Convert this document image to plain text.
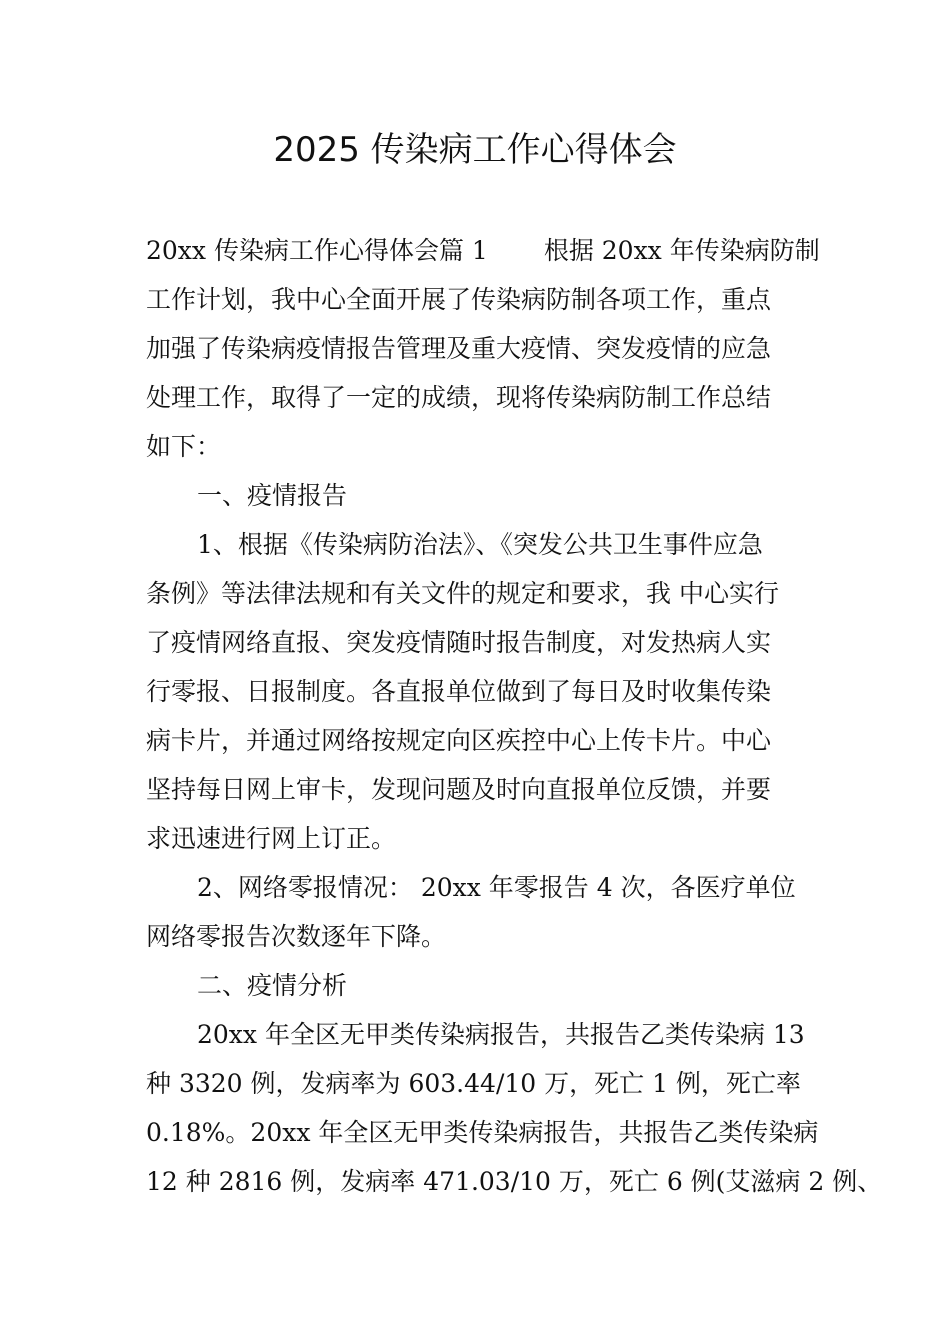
2025 传染病工作心得体会
20xx 传染病工作心得体会篇 1 根据 20xx 年传染病防制
工作计划，我中心全面开展了传染病防制各项工作，重点
加强了传染病疫情报告管理及重大疫情、突发疫情的应急
处理工作，取得了一定的成绩，现将传染病防制工作总结
如下：
一、疫情报告
1、根据《传染病防治法》、《突发公共卫生事件应急
条例》等法律法规和有关文件的规定和要求，我 中心实行
了疫情网络直报、突发疫情随时报告制度，对发热病人实
行零报、日报制度。各直报单位做到了每日及时收集传染
病卡片，并通过网络按规定向区疾控中心上传卡片。中心
坚持每日网上审卡，发现问题及时向直报单位反馈，并要
求迅速进行网上订正。
2、网络零报情况： 20xx 年零报告 4 次，各医疗单位
网络零报告次数逐年下降。
二、疫情分析
20xx 年全区无甲类传染病报告，共报告乙类传染病 13
种 3320 例，发病率为 603.44/10 万，死亡 1 例，死亡率
0.18%。20xx 年全区无甲类传染病报告，共报告乙类传染病
12 种 2816 例，发病率 471.03/10 万，死亡 6 例(艾滋病 2 例、
